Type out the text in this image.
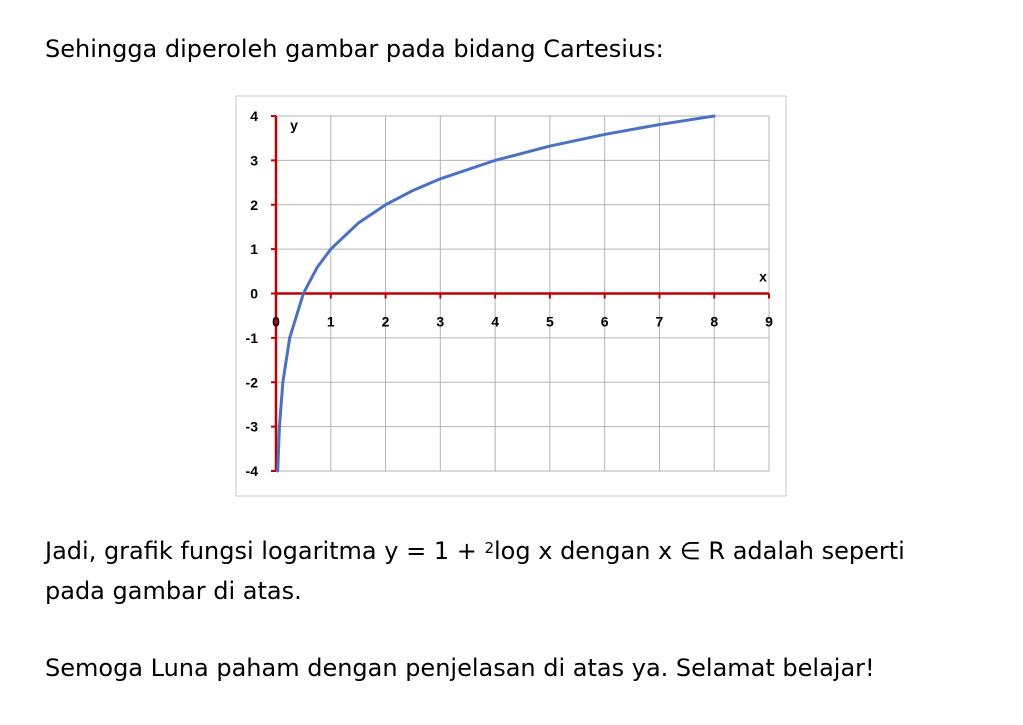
Sehingga diperoleh gambar pada bidang Cartesius:
0	1	2	3	4	5	6	7	8	9
-4
-3
-2
-1
0
1
2
3
4
x
y
Jadi, grafik fungsi logaritma y = 1 + $^2$log x dengan x ∈ R adalah seperti
pada gambar di atas.
Semoga Luna paham dengan penjelasan di atas ya. Selamat belajar!
